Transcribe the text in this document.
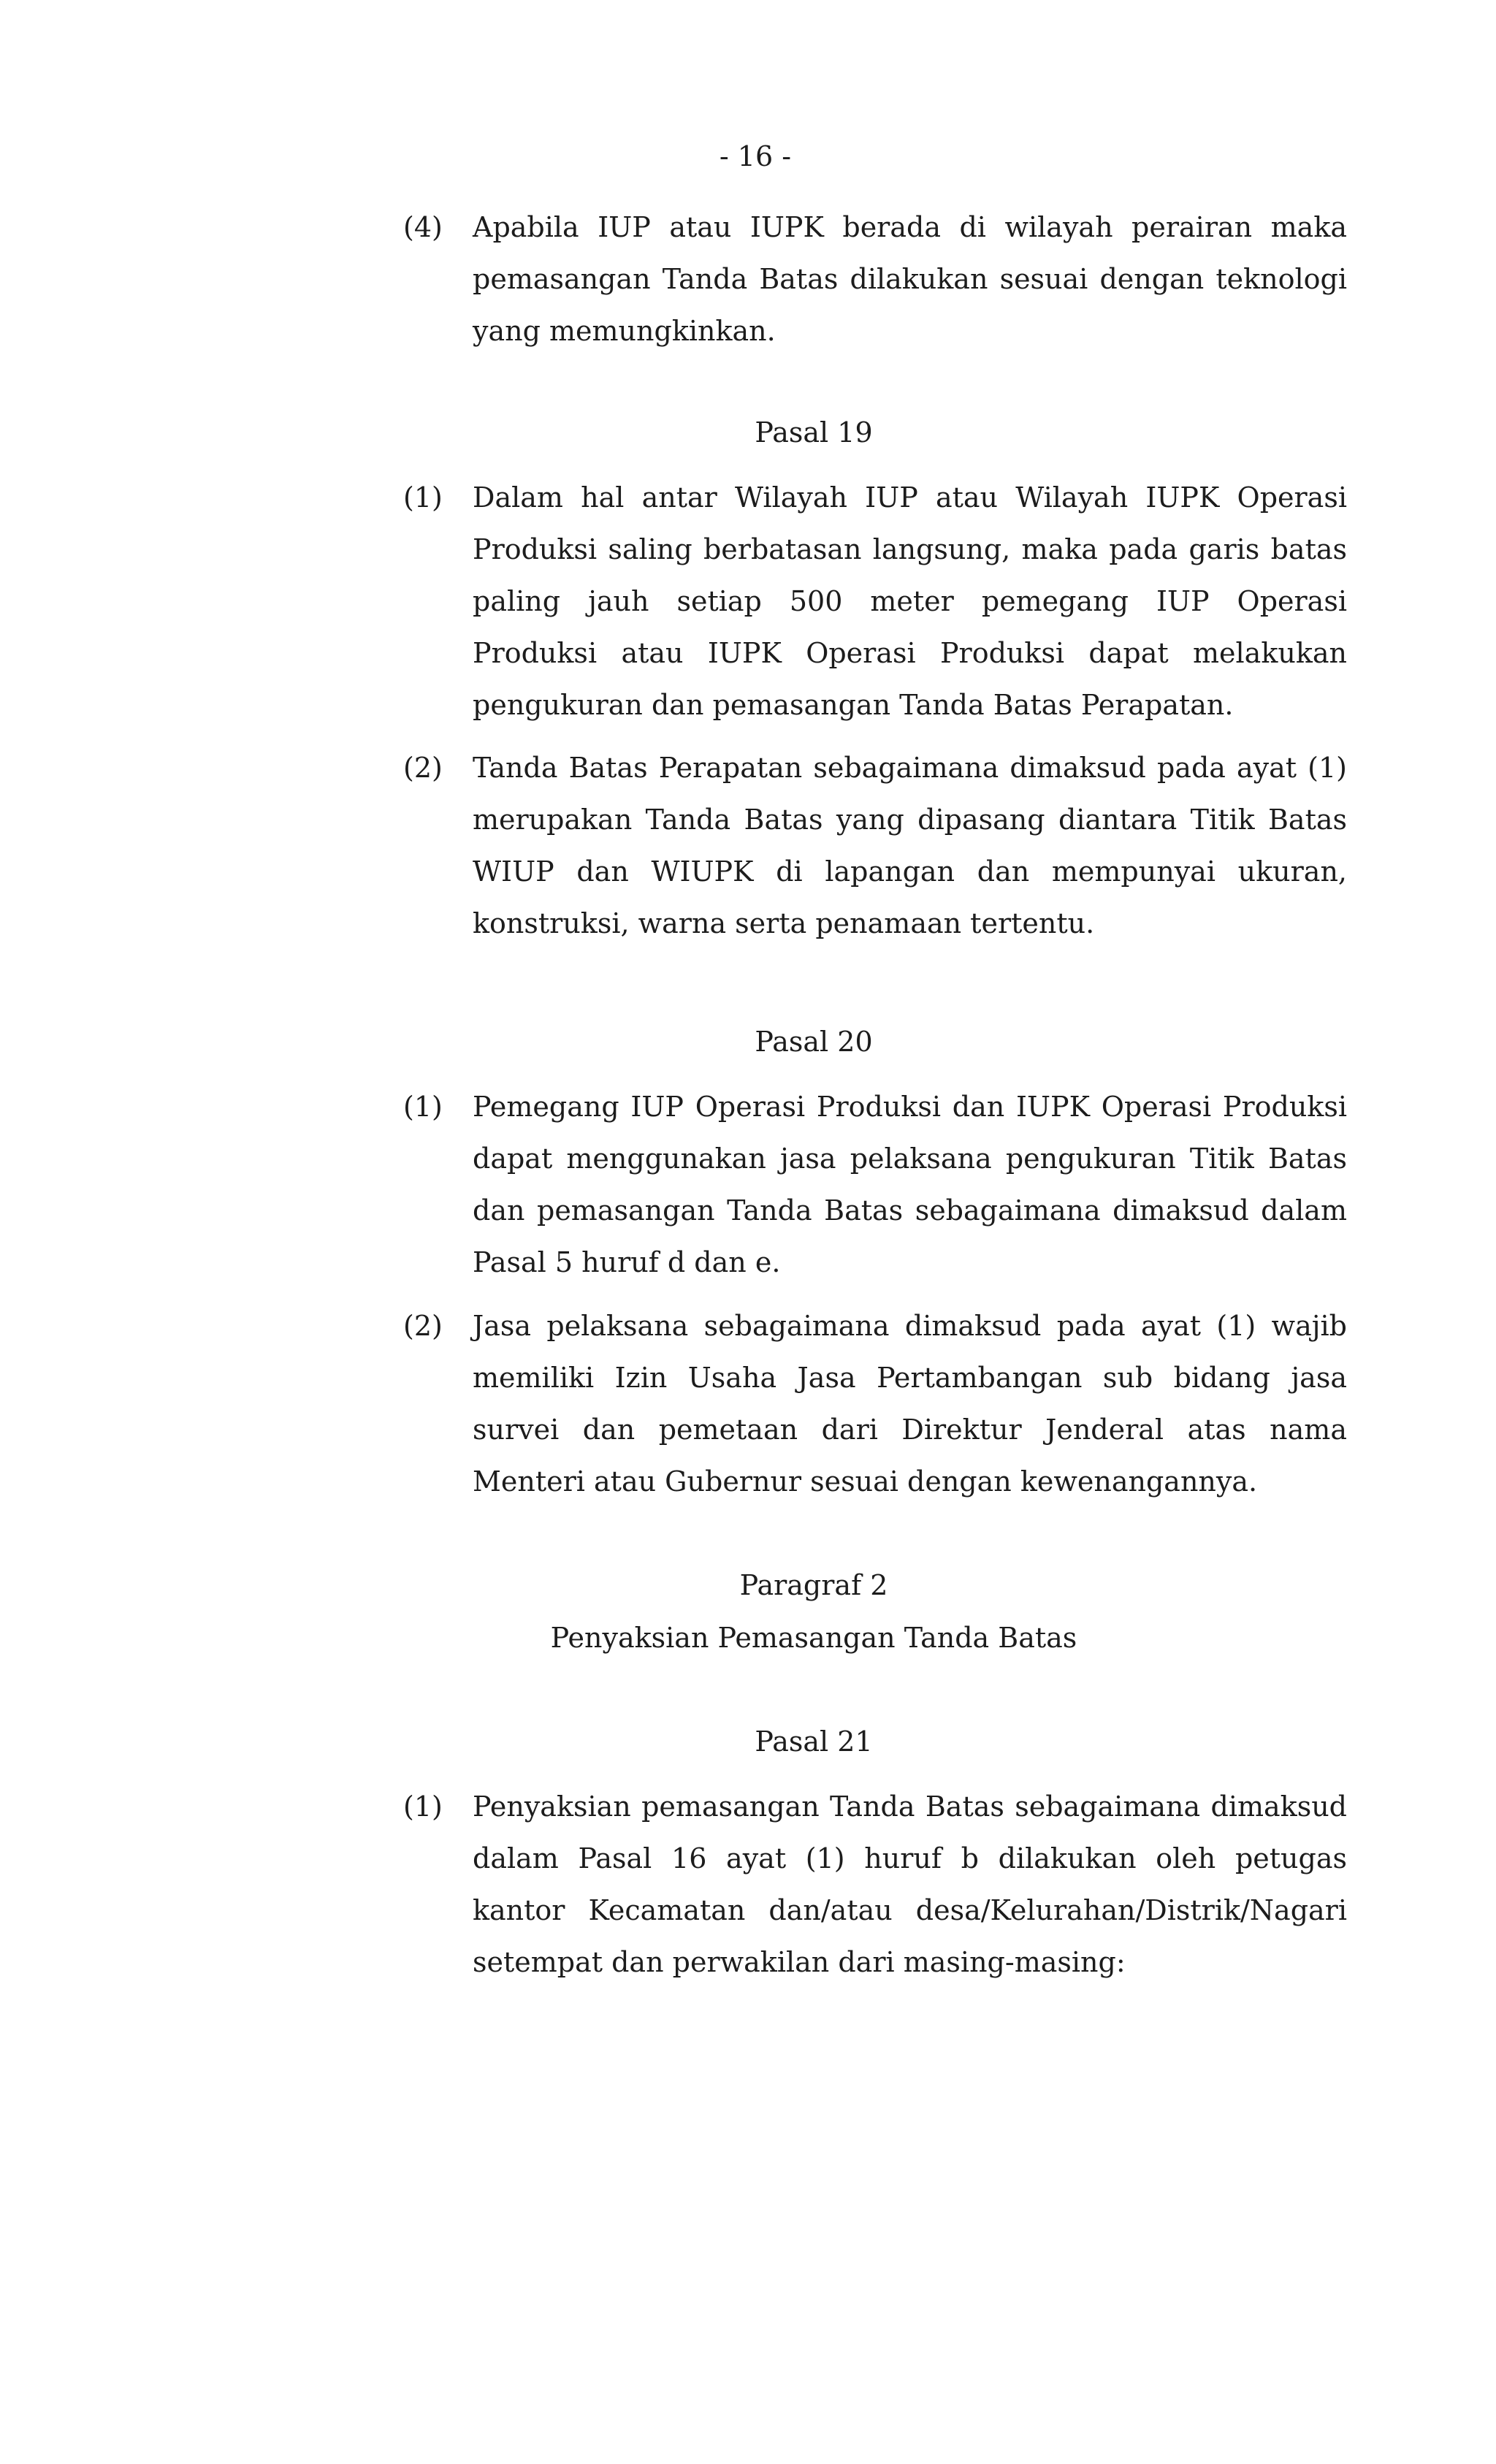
- 16 -
(4) Apabila IUP atau IUPK berada di wilayah perairan maka pemasangan Tanda Batas dilakukan sesuai dengan teknologi yang memungkinkan.
Pasal 19
(1) Dalam hal antar Wilayah IUP atau Wilayah IUPK Operasi Produksi saling berbatasan langsung, maka pada garis batas paling jauh setiap 500 meter pemegang IUP Operasi Produksi atau IUPK Operasi Produksi dapat melakukan pengukuran dan pemasangan Tanda Batas Perapatan.
(2) Tanda Batas Perapatan sebagaimana dimaksud pada ayat (1) merupakan Tanda Batas yang dipasang diantara Titik Batas WIUP dan WIUPK di lapangan dan mempunyai ukuran, konstruksi, warna serta penamaan tertentu.
Pasal 20
(1) Pemegang IUP Operasi Produksi dan IUPK Operasi Produksi dapat menggunakan jasa pelaksana pengukuran Titik Batas dan pemasangan Tanda Batas sebagaimana dimaksud dalam Pasal 5 huruf d dan e.
(2) Jasa pelaksana sebagaimana dimaksud pada ayat (1) wajib memiliki Izin Usaha Jasa Pertambangan sub bidang jasa survei dan pemetaan dari Direktur Jenderal atas nama Menteri atau Gubernur sesuai dengan kewenangannya.
Paragraf 2
Penyaksian Pemasangan Tanda Batas
Pasal 21
(1) Penyaksian pemasangan Tanda Batas sebagaimana dimaksud dalam Pasal 16 ayat (1) huruf b dilakukan oleh petugas kantor Kecamatan dan/atau desa/Kelurahan/Distrik/Nagari setempat dan perwakilan dari masing-masing:
